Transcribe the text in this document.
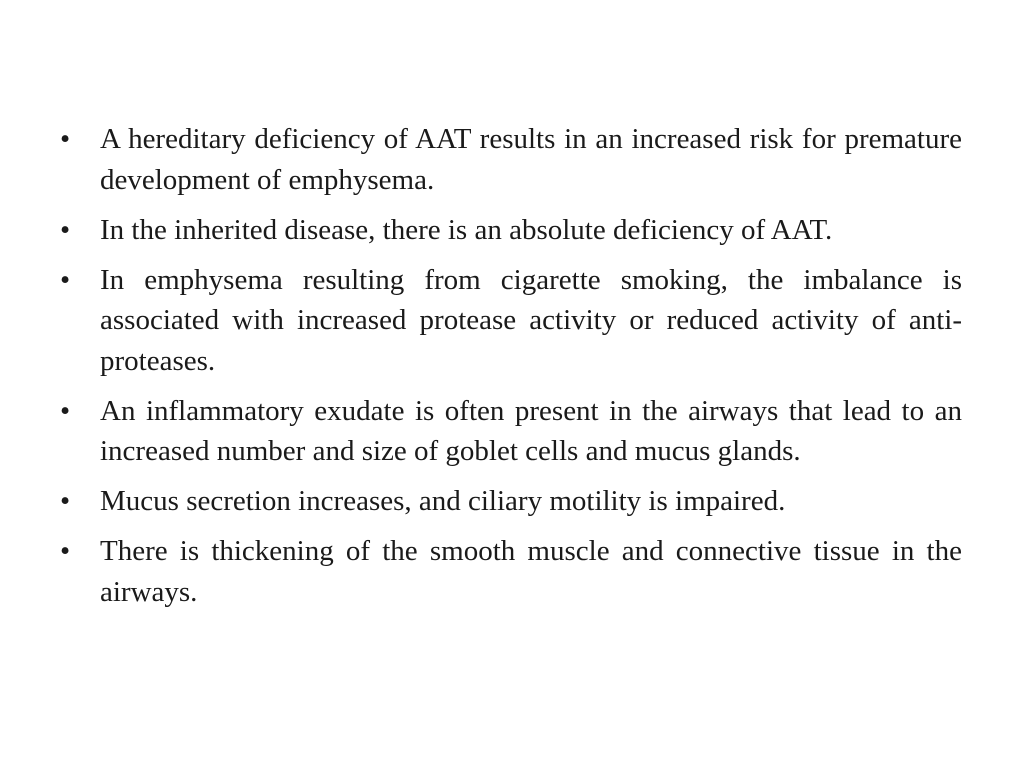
•	A hereditary deficiency of AAT results in an increased risk for premature development of emphysema.
•	In the inherited disease, there is an absolute deficiency of AAT.
•	In emphysema resulting from cigarette smoking, the imbalance is associated with increased protease activity or reduced activity of anti-proteases.
•	An inflammatory exudate is often present in the airways that lead to an increased number and size of goblet cells and mucus glands.
•	Mucus secretion increases, and ciliary motility is impaired.
•	There is thickening of the smooth muscle and connective tissue in the airways.
